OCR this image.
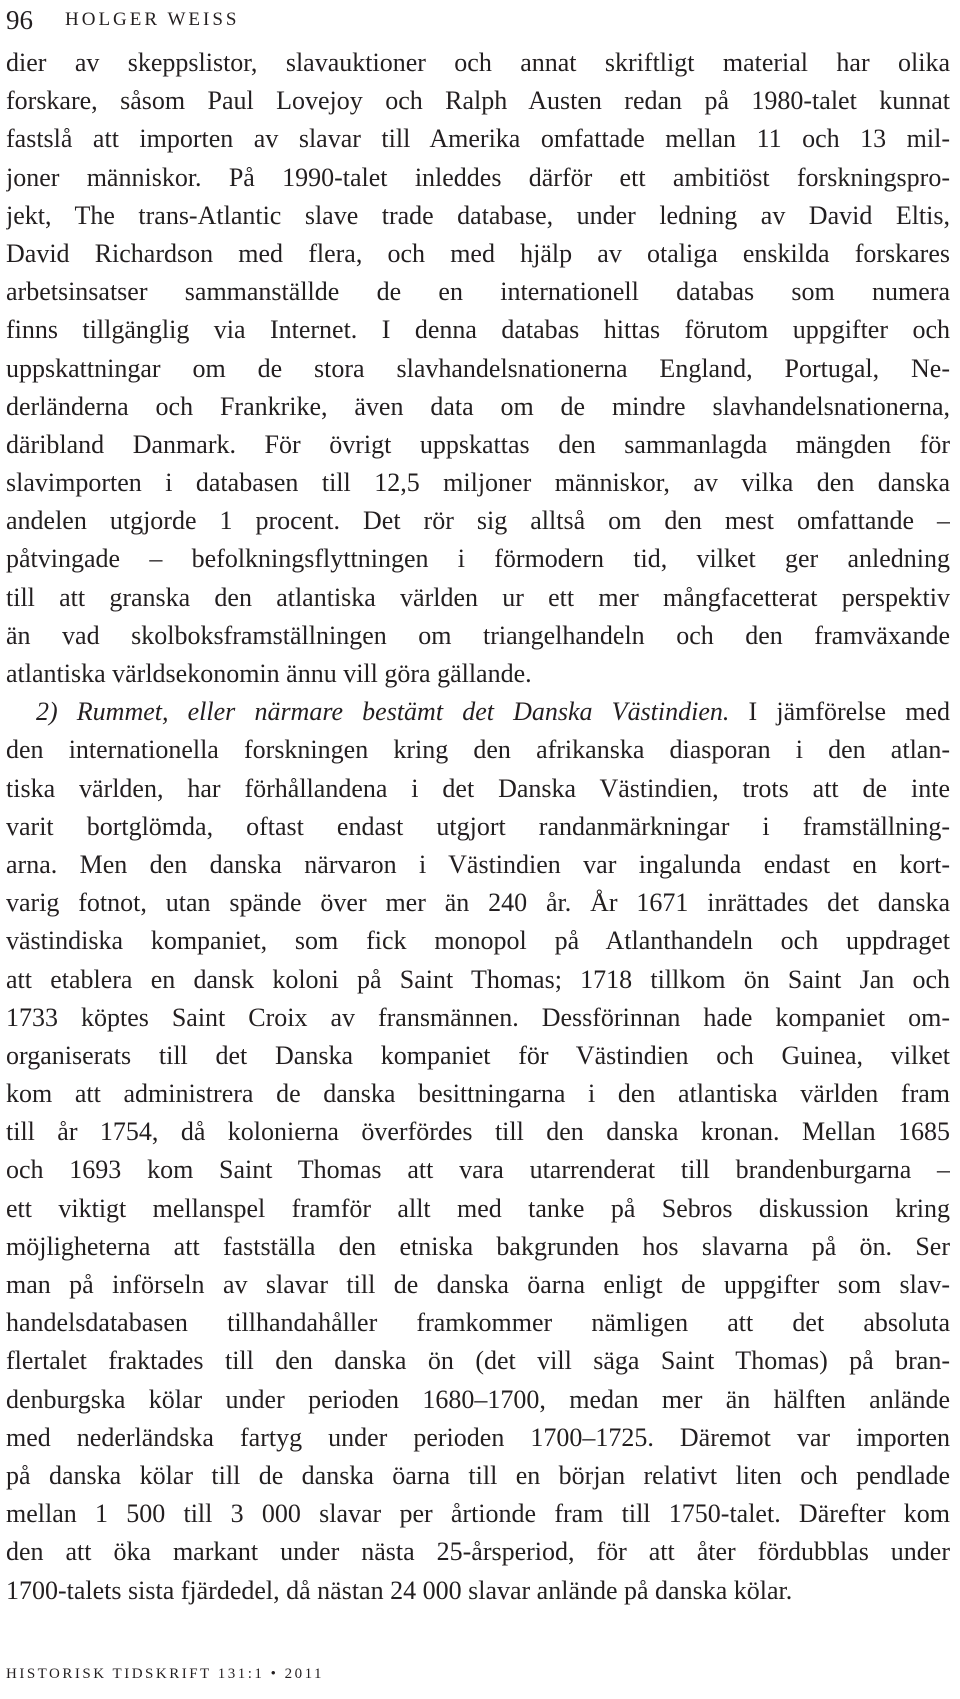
96 HOLGER WEISS
dier av skeppslistor, slavauktioner och annat skriftligt material har olika
forskare, såsom Paul Lovejoy och Ralph Austen redan på 1980-talet kunnat
fastslå att importen av slavar till Amerika omfattade mellan 11 och 13 mil-
joner människor. På 1990-talet inleddes därför ett ambitiöst forskningspro-
jekt, The trans-Atlantic slave trade database, under ledning av David Eltis,
David Richardson med flera, och med hjälp av otaliga enskilda forskares
arbetsinsatser sammanställde de en internationell databas som numera
finns tillgänglig via Internet. I denna databas hittas förutom uppgifter och
uppskattningar om de stora slavhandelsnationerna England, Portugal, Ne-
derländerna och Frankrike, även data om de mindre slavhandelsnationerna,
däribland Danmark. För övrigt uppskattas den sammanlagda mängden för
slavimporten i databasen till 12,5 miljoner människor, av vilka den danska
andelen utgjorde 1 procent. Det rör sig alltså om den mest omfattande –
påtvingade – befolkningsflyttningen i förmodern tid, vilket ger anledning
till att granska den atlantiska världen ur ett mer mångfacetterat perspektiv
än vad skolboksframställningen om triangelhandeln och den framväxande
atlantiska världsekonomin ännu vill göra gällande.
2) Rummet, eller närmare bestämt det Danska Västindien. I jämförelse med
den internationella forskningen kring den afrikanska diasporan i den atlan-
tiska världen, har förhållandena i det Danska Västindien, trots att de inte
varit bortglömda, oftast endast utgjort randanmärkningar i framställning-
arna. Men den danska närvaron i Västindien var ingalunda endast en kort-
varig fotnot, utan spände över mer än 240 år. År 1671 inrättades det danska
västindiska kompaniet, som fick monopol på Atlanthandeln och uppdraget
att etablera en dansk koloni på Saint Thomas; 1718 tillkom ön Saint Jan och
1733 köptes Saint Croix av fransmännen. Dessförinnan hade kompaniet om-
organiserats till det Danska kompaniet för Västindien och Guinea, vilket
kom att administrera de danska besittningarna i den atlantiska världen fram
till år 1754, då kolonierna överfördes till den danska kronan. Mellan 1685
och 1693 kom Saint Thomas att vara utarrenderat till brandenburgarna –
ett viktigt mellanspel framför allt med tanke på Sebros diskussion kring
möjligheterna att fastställa den etniska bakgrunden hos slavarna på ön. Ser
man på införseln av slavar till de danska öarna enligt de uppgifter som slav-
handelsdatabasen tillhandahåller framkommer nämligen att det absoluta
flertalet fraktades till den danska ön (det vill säga Saint Thomas) på bran-
denburgska kölar under perioden 1680–1700, medan mer än hälften anlände
med nederländska fartyg under perioden 1700–1725. Däremot var importen
på danska kölar till de danska öarna till en början relativt liten och pendlade
mellan 1 500 till 3 000 slavar per årtionde fram till 1750-talet. Därefter kom
den att öka markant under nästa 25-årsperiod, för att åter fördubblas under
1700-talets sista fjärdedel, då nästan 24 000 slavar anlände på danska kölar.
HISTORISK TIDSKRIFT 131:1 • 2011
